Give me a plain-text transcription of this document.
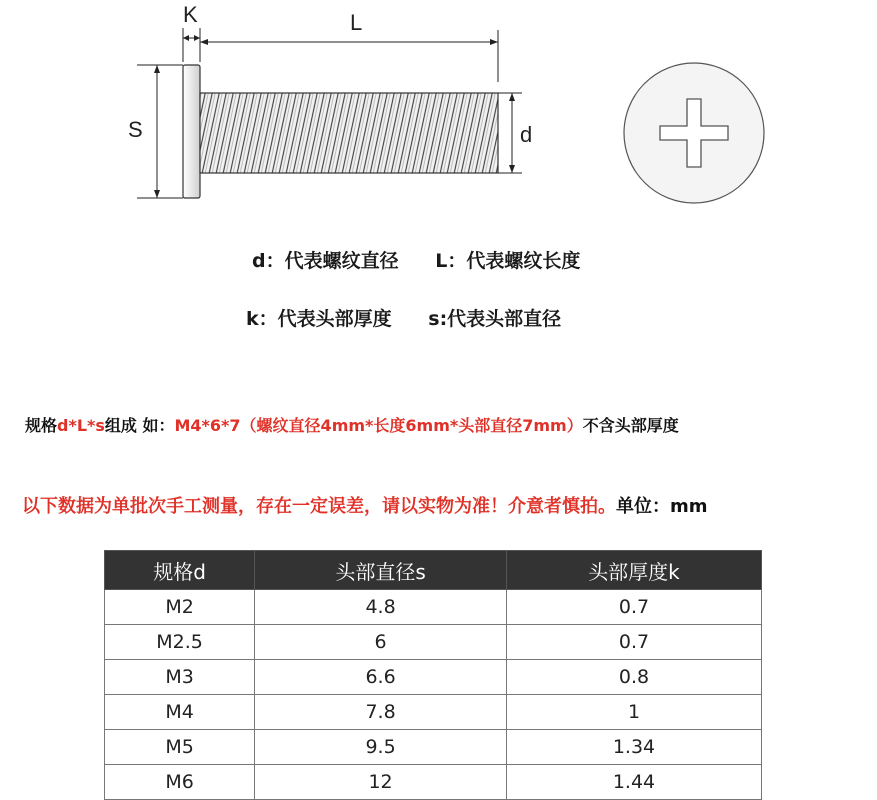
K	L
S	d
d：代表螺纹直径 L：代表螺纹长度
k：代表头部厚度 s:代表头部直径
规格d*L*s组成 如：M4*6*7（螺纹直径4mm*长度6mm*头部直径7mm）不含头部厚度
以下数据为单批次手工测量，存在一定误差，请以实物为准！介意者慎拍。单位：mm
规格d	头部直径s	头部厚度k
M2	4.8	0.7
M2.5	6	0.7
M3	6.6	0.8
M4	7.8	1
M5	9.5	1.34
M6	12	1.44
